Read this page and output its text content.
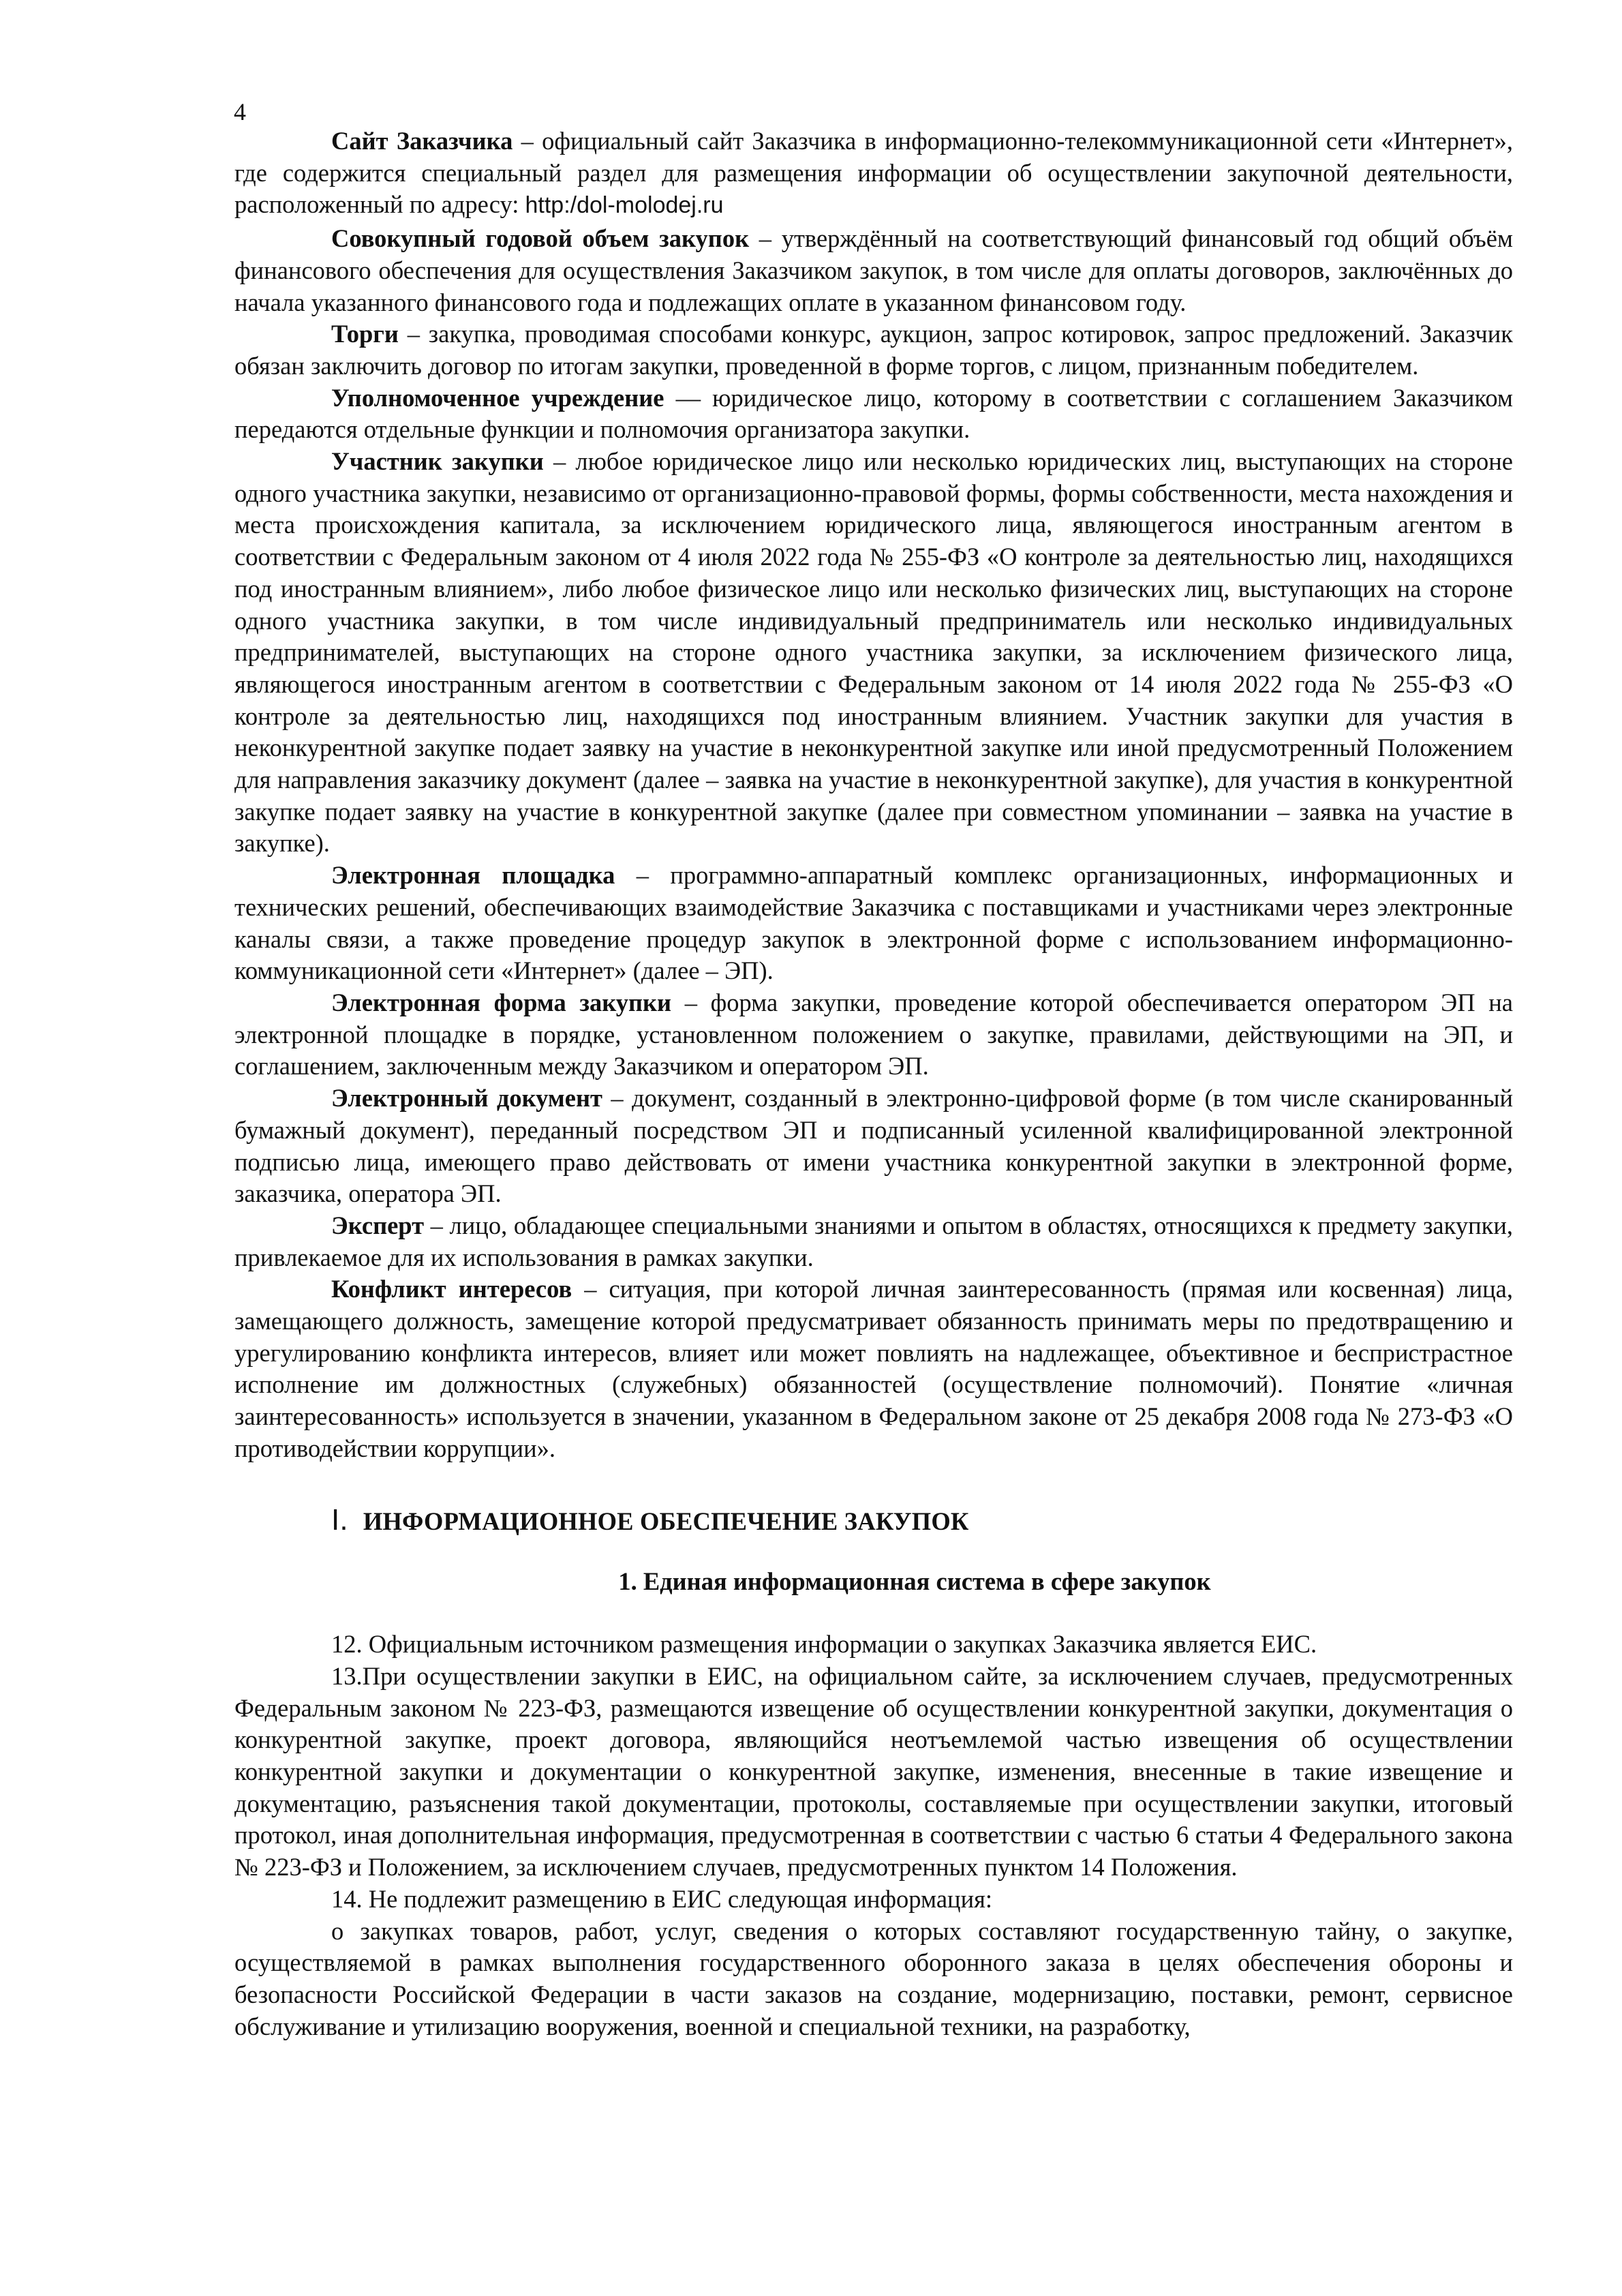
4

Сайт Заказчика – официальный сайт Заказчика в информационно-телекоммуникационной сети «Интернет», где содержится специальный раздел для размещения информации об осуществлении закупочной деятельности, расположенный по адресу: http:/dol-molodej.ru

Совокупный годовой объем закупок – утверждённый на соответствующий финансовый год общий объём финансового обеспечения для осуществления Заказчиком закупок, в том числе для оплаты договоров, заключённых до начала указанного финансового года и подлежащих оплате в указанном финансовом году.

Торги – закупка, проводимая способами конкурс, аукцион, запрос котировок, запрос предложений. Заказчик обязан заключить договор по итогам закупки, проведенной в форме торгов, с лицом, признанным победителем.

Уполномоченное учреждение — юридическое лицо, которому в соответствии с соглашением Заказчиком передаются отдельные функции и полномочия организатора закупки.

Участник закупки – любое юридическое лицо или несколько юридических лиц, выступающих на стороне одного участника закупки, независимо от организационно-правовой формы, формы собственности, места нахождения и места происхождения капитала, за исключением юридического лица, являющегося иностранным агентом в соответствии с Федеральным законом от 4 июля 2022 года № 255-ФЗ «О контроле за деятельностью лиц, находящихся под иностранным влиянием», либо любое физическое лицо или несколько физических лиц, выступающих на стороне одного участника закупки, в том числе индивидуальный предприниматель или несколько индивидуальных предпринимателей, выступающих на стороне одного участника закупки, за исключением физического лица, являющегося иностранным агентом в соответствии с Федеральным законом от 14 июля 2022 года № 255-ФЗ «О контроле за деятельностью лиц, находящихся под иностранным влиянием. Участник закупки для участия в неконкурентной закупке подает заявку на участие в неконкурентной закупке или иной предусмотренный Положением для направления заказчику документ (далее – заявка на участие в неконкурентной закупке), для участия в конкурентной закупке подает заявку на участие в конкурентной закупке (далее при совместном упоминании – заявка на участие в закупке).

Электронная площадка – программно-аппаратный комплекс организационных, информационных и технических решений, обеспечивающих взаимодействие Заказчика с поставщиками и участниками через электронные каналы связи, а также проведение процедур закупок в электронной форме с использованием информационно-коммуникационной сети «Интернет» (далее – ЭП).

Электронная форма закупки – форма закупки, проведение которой обеспечивается оператором ЭП на электронной площадке в порядке, установленном положением о закупке, правилами, действующими на ЭП, и соглашением, заключенным между Заказчиком и оператором ЭП.

Электронный документ – документ, созданный в электронно-цифровой форме (в том числе сканированный бумажный документ), переданный посредством ЭП и подписанный усиленной квалифицированной электронной подписью лица, имеющего право действовать от имени участника конкурентной закупки в электронной форме, заказчика, оператора ЭП.

Эксперт – лицо, обладающее специальными знаниями и опытом в областях, относящихся к предмету закупки, привлекаемое для их использования в рамках закупки.

Конфликт интересов – ситуация, при которой личная заинтересованность (прямая или косвенная) лица, замещающего должность, замещение которой предусматривает обязанность принимать меры по предотвращению и урегулированию конфликта интересов, влияет или может повлиять на надлежащее, объективное и беспристрастное исполнение им должностных (служебных) обязанностей (осуществление полномочий). Понятие «личная заинтересованность» используется в значении, указанном в Федеральном законе от 25 декабря 2008 года № 273-ФЗ «О противодействии коррупции».

I. ИНФОРМАЦИОННОЕ ОБЕСПЕЧЕНИЕ ЗАКУПОК
1. Единая информационная система в сфере закупок

12. Официальным источником размещения информации о закупках Заказчика является ЕИС.

13.При осуществлении закупки в ЕИС, на официальном сайте, за исключением случаев, предусмотренных Федеральным законом № 223-ФЗ, размещаются извещение об осуществлении конкурентной закупки, документация о конкурентной закупке, проект договора, являющийся неотъемлемой частью извещения об осуществлении конкурентной закупки и документации о конкурентной закупке, изменения, внесенные в такие извещение и документацию, разъяснения такой документации, протоколы, составляемые при осуществлении закупки, итоговый протокол, иная дополнительная информация, предусмотренная в соответствии с частью 6 статьи 4 Федерального закона № 223-ФЗ и Положением, за исключением случаев, предусмотренных пунктом 14 Положения.

14. Не подлежит размещению в ЕИС следующая информация:

о закупках товаров, работ, услуг, сведения о которых составляют государственную тайну, о закупке, осуществляемой в рамках выполнения государственного оборонного заказа в целях обеспечения обороны и безопасности Российской Федерации в части заказов на создание, модернизацию, поставки, ремонт, сервисное обслуживание и утилизацию вооружения, военной и специальной техники, на разработку,
